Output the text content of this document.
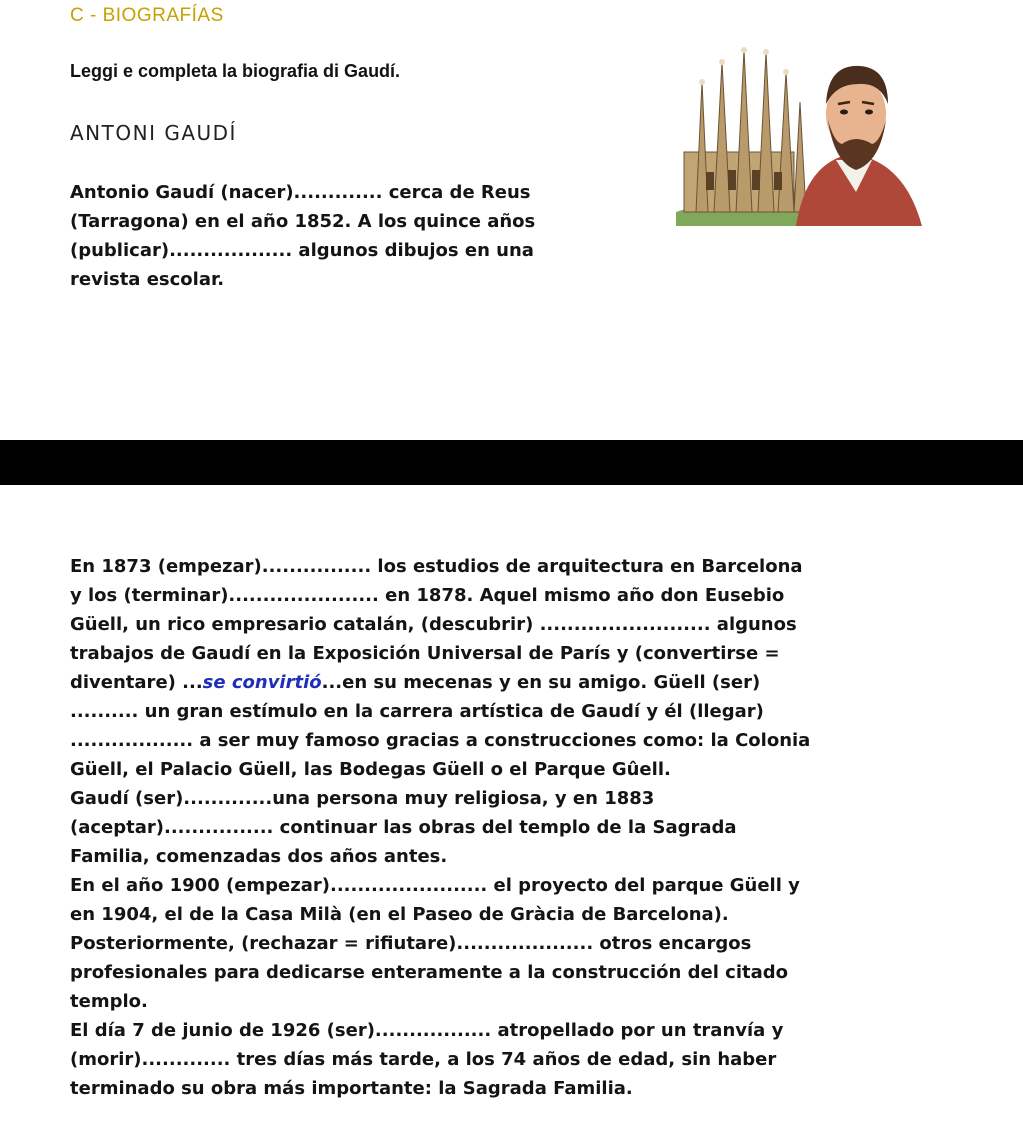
C - BIOGRAFÍAS
Leggi e completa la biografia di Gaudí.
ANTONI GAUDÍ
Antonio Gaudí (nacer)............. cerca de Reus
(Tarragona) en el año 1852. A los quince años
(publicar).................. algunos dibujos en una
revista escolar.
En 1873 (empezar)................ los estudios de arquitectura en Barcelona
y los (terminar)...................... en 1878. Aquel mismo año don Eusebio
Güell, un rico empresario catalán, (descubrir) ......................... algunos
trabajos de Gaudí en la Exposición Universal de París y (convertirse =
diventare) ...se convirtió...en su mecenas y en su amigo. Güell (ser)
.......... un gran estímulo en la carrera artística de Gaudí y él (llegar)
.................. a ser muy famoso gracias a construcciones como: la Colonia
Güell, el Palacio Güell, las Bodegas Güell o el Parque Gûell.
Gaudí (ser).............una persona muy religiosa, y en 1883
(aceptar)................ continuar las obras del templo de la Sagrada
Familia, comenzadas dos años antes.
En el año 1900 (empezar)....................... el proyecto del parque Güell y
en 1904, el de la Casa Milà (en el Paseo de Gràcia de Barcelona).
Posteriormente, (rechazar = rifiutare).................... otros encargos
profesionales para dedicarse enteramente a la construcción del citado
templo.
El día 7 de junio de 1926 (ser)................. atropellado por un tranvía y
(morir)............. tres días más tarde, a los 74 años de edad, sin haber
terminado su obra más importante: la Sagrada Familia.
